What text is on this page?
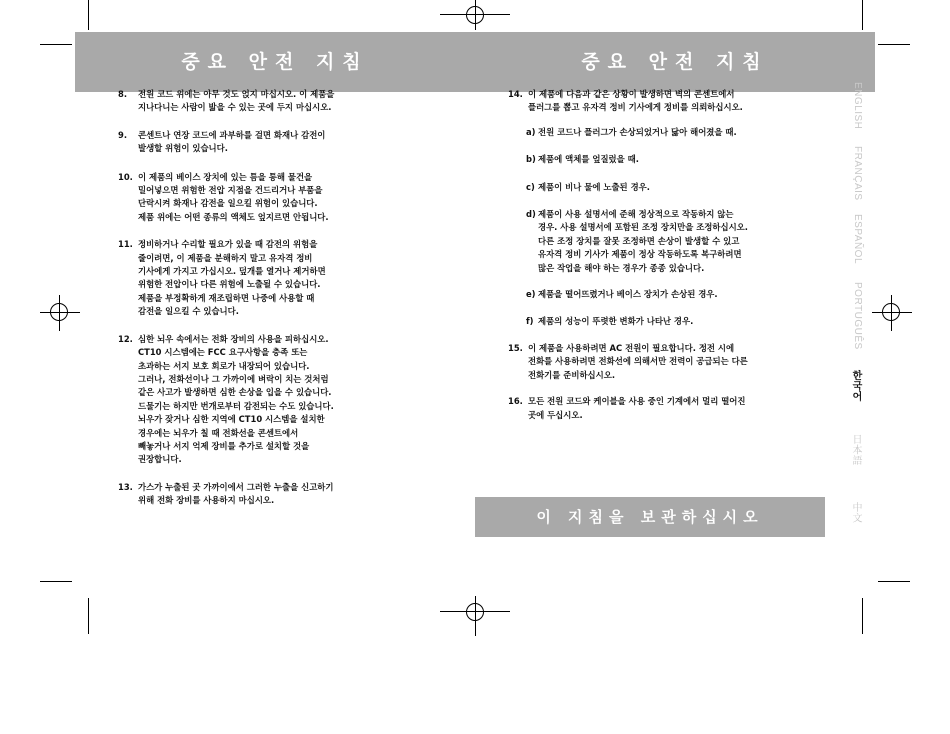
중요 안전 지침
8.	전원 코드 위에는 아무 것도 얹지 마십시오. 이 제품을
지나다니는 사람이 밟을 수 있는 곳에 두지 마십시오.
9.	콘센트나 연장 코드에 과부하를 걸면 화재나 감전이
발생할 위험이 있습니다.
10. 이 제품의 베이스 장치에 있는 틈을 통해 물건을
밀어넣으면 위험한 전압 지점을 건드리거나 부품을
단락시켜 화재나 감전을 일으킬 위험이 있습니다.
제품 위에는 어떤 종류의 액체도 엎지르면 안됩니다.
11. 정비하거나 수리할 필요가 있을 때 감전의 위험을
줄이려면, 이 제품을 분해하지 말고 유자격 정비
기사에게 가지고 가십시오. 덮개를 열거나 제거하면
위험한 전압이나 다른 위험에 노출될 수 있습니다.
제품을 부정확하게 재조립하면 나중에 사용할 때
감전을 일으킬 수 있습니다.
12. 심한 뇌우 속에서는 전화 장비의 사용을 피하십시오.
CT10 시스템에는 FCC 요구사항을 충족 또는
초과하는 서지 보호 회로가 내장되어 있습니다.
그러나, 전화선이나 그 가까이에 벼락이 치는 것처럼
같은 사고가 발생하면 심한 손상을 입을 수 있습니다.
드물기는 하지만 번개로부터 감전되는 수도 있습니다.
뇌우가 잦거나 심한 지역에 CT10 시스템을 설치한
경우에는 뇌우가 칠 때 전화선을 콘센트에서
빼놓거나 서지 억제 장비를 추가로 설치할 것을
권장합니다.
13. 가스가 누출된 곳 가까이에서 그러한 누출을 신고하기
위해 전화 장비를 사용하지 마십시오.
중요 안전 지침
14. 이 제품에 다음과 같은 상황이 발생하면 벽의 콘센트에서
플러그를 뽑고 유자격 정비 기사에게 정비를 의뢰하십시오.
a) 전원 코드나 플러그가 손상되었거나 닳아 해어졌을 때.
b) 제품에 액체를 엎질렀을 때.
c) 제품이 비나 물에 노출된 경우.
d) 제품이 사용 설명서에 준해 정상적으로 작동하지 않는
경우. 사용 설명서에 포함된 조정 장치만을 조정하십시오.
다른 조정 장치를 잘못 조정하면 손상이 발생할 수 있고
유자격 정비 기사가 제품이 정상 작동하도록 복구하려면
많은 작업을 해야 하는 경우가 종종 있습니다.
e) 제품을 떨어뜨렸거나 베이스 장치가 손상된 경우.
f) 제품의 성능이 뚜렷한 변화가 나타난 경우.
15. 이 제품을 사용하려면 AC 전원이 필요합니다. 정전 시에
전화를 사용하려면 전화선에 의해서만 전력이 공급되는 다른
전화기를 준비하십시오.
16. 모든 전원 코드와 케이블을 사용 중인 기계에서 멀리 떨어진
곳에 두십시오.
이 지침을 보관하십시오
ENGLISH
FRANÇAIS
ESPAÑOL
PORTUGUÊS
한국어
日本語
中文
